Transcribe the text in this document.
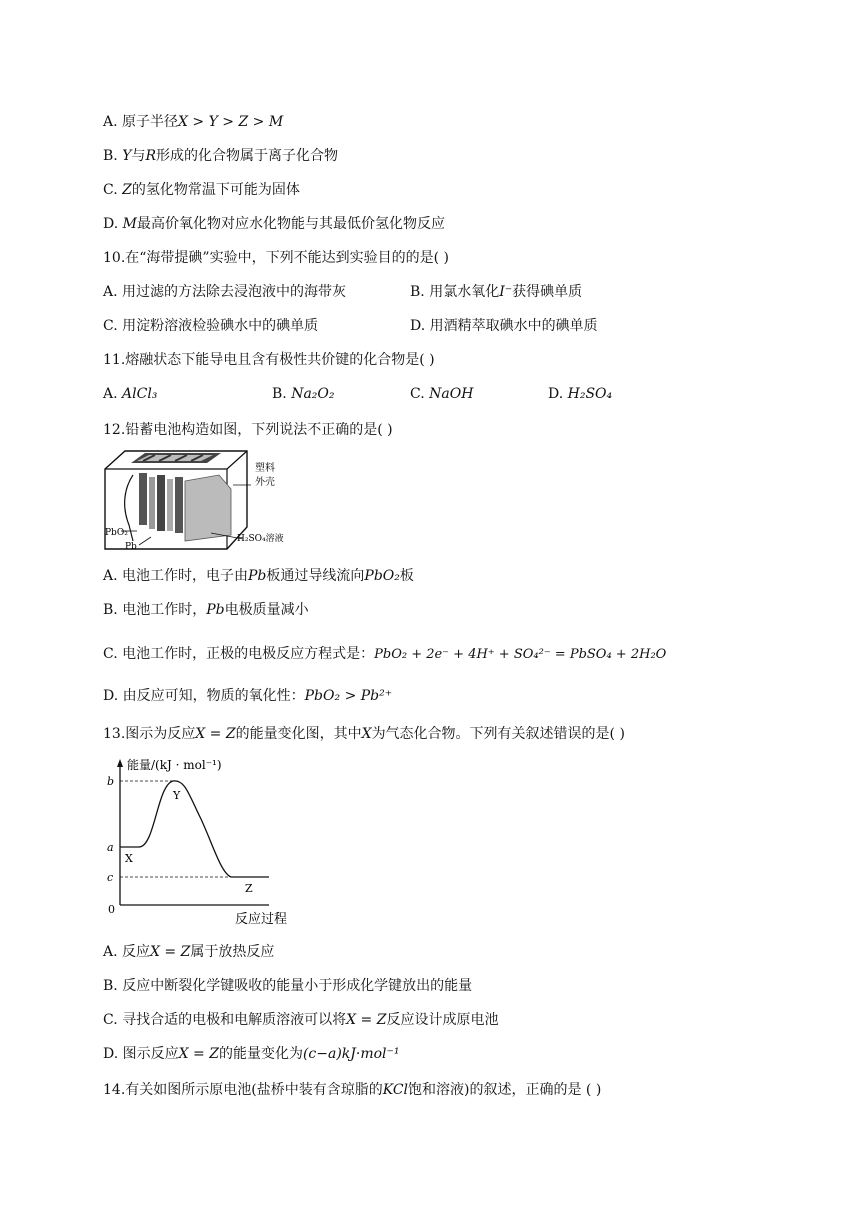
A. 原子半径X > Y > Z > M
B. Y与R形成的化合物属于离子化合物
C. Z的氢化物常温下可能为固体
D. M最高价氧化物对应水化物能与其最低价氢化物反应
10.在“海带提碘”实验中，下列不能达到实验目的的是( )
A. 用过滤的方法除去浸泡液中的海带灰	B. 用氯水氧化I⁻获得碘单质
C. 用淀粉溶液检验碘水中的碘单质	D. 用酒精萃取碘水中的碘单质
11.熔融状态下能导电且含有极性共价键的化合物是( )
A. AlCl₃	B. Na₂O₂	C. NaOH	D. H₂SO₄
12.铅蓄电池构造如图，下列说法不正确的是( )
塑料
外壳
PbO₂
Pb
H₂SO₄溶液
A. 电池工作时，电子由Pb板通过导线流向PbO₂板
B. 电池工作时，Pb电极质量减小
C. 电池工作时，正极的电极反应方程式是：PbO₂ + 2e⁻ + 4H⁺ + SO₄²⁻ = PbSO₄ + 2H₂O
D. 由反应可知，物质的氧化性：PbO₂ > Pb²⁺
13.图示为反应X = Z的能量变化图，其中X为气态化合物。下列有关叙述错误的是( )
能量/(kJ · mol⁻¹)
b
a
c
0
X
Y
Z
反应过程
A. 反应X = Z属于放热反应
B. 反应中断裂化学键吸收的能量小于形成化学键放出的能量
C. 寻找合适的电极和电解质溶液可以将X = Z反应设计成原电池
D. 图示反应X = Z的能量变化为(c−a)kJ·mol⁻¹
14.有关如图所示原电池(盐桥中装有含琼脂的KCl饱和溶液)的叙述，正确的是 ( )
